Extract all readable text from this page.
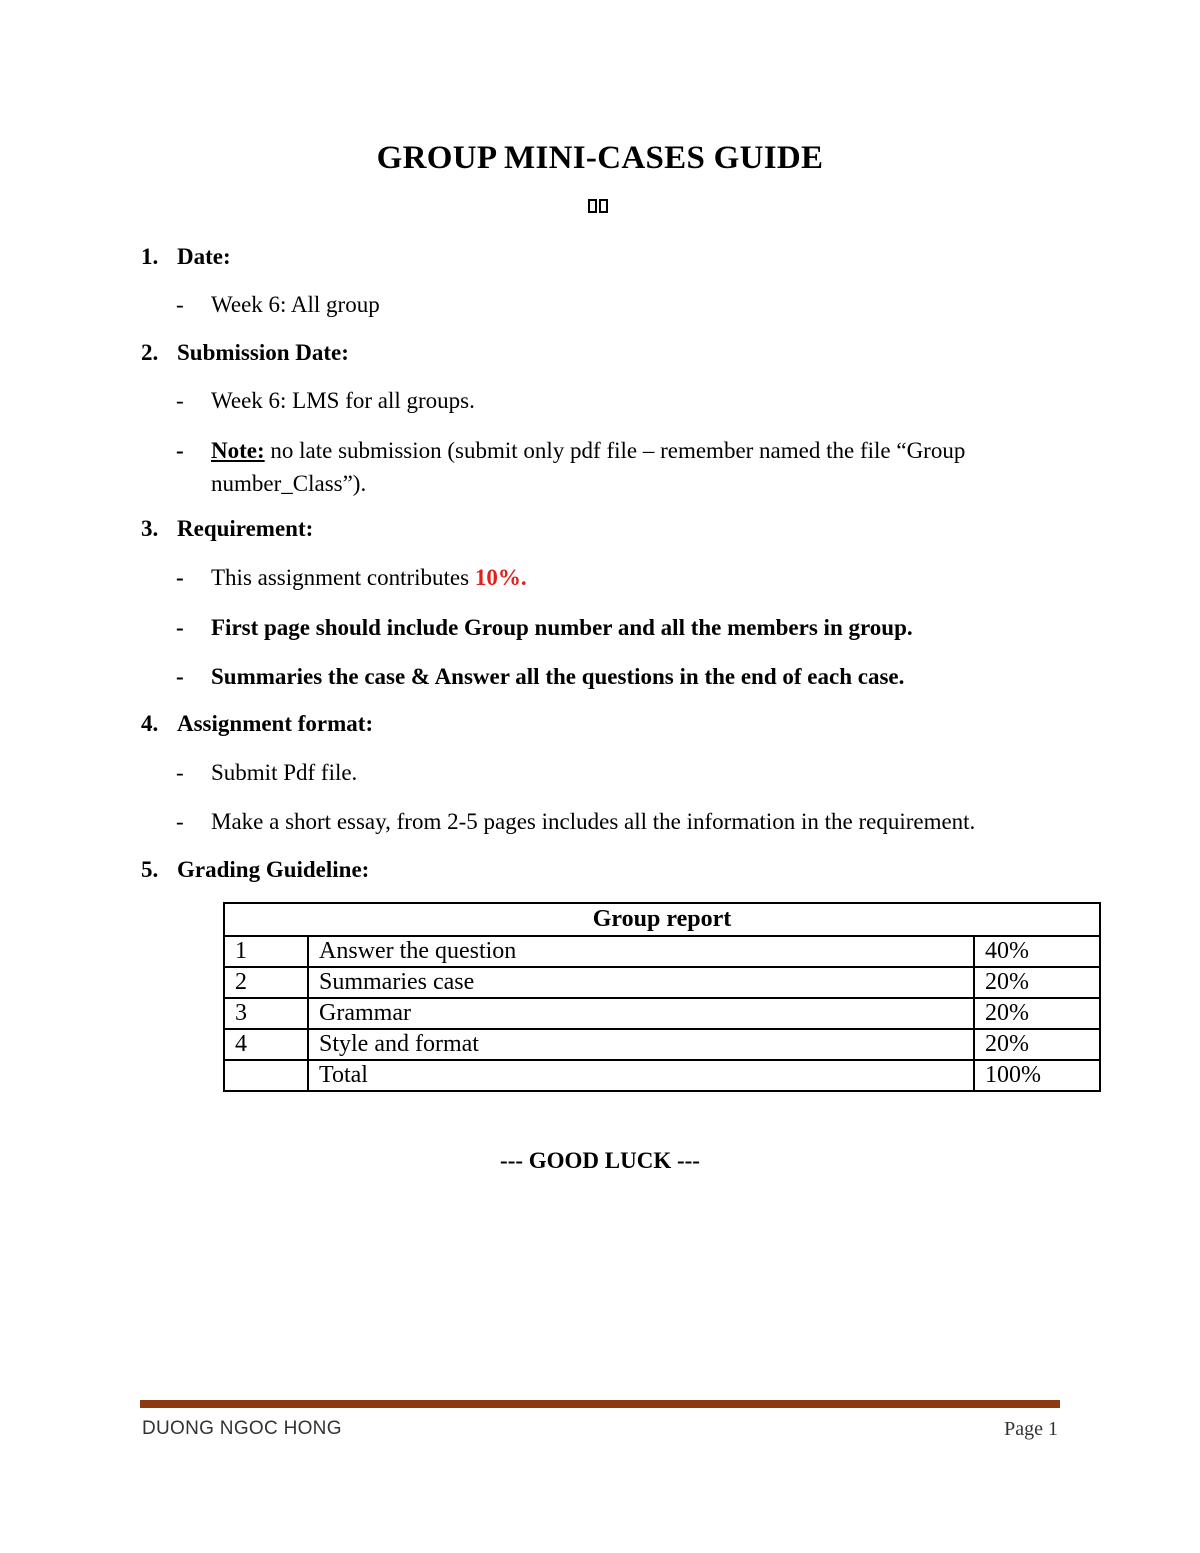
GROUP MINI-CASES GUIDE
1. Date:
- Week 6: All group
2. Submission Date:
- Week 6: LMS for all groups.
- Note: no late submission (submit only pdf file – remember named the file “Group
number_Class”).
3. Requirement:
- This assignment contributes 10%.
- First page should include Group number and all the members in group.
- Summaries the case & Answer all the questions in the end of each case.
4. Assignment format:
- Submit Pdf file.
- Make a short essay, from 2-5 pages includes all the information in the requirement.
5. Grading Guideline:
Group report		
1	Answer the question	40%
2	Summaries case	20%
3	Grammar	20%
4	Style and format	20%
	Total	100%
--- GOOD LUCK ---
DUONG NGOC HONG	Page 1
